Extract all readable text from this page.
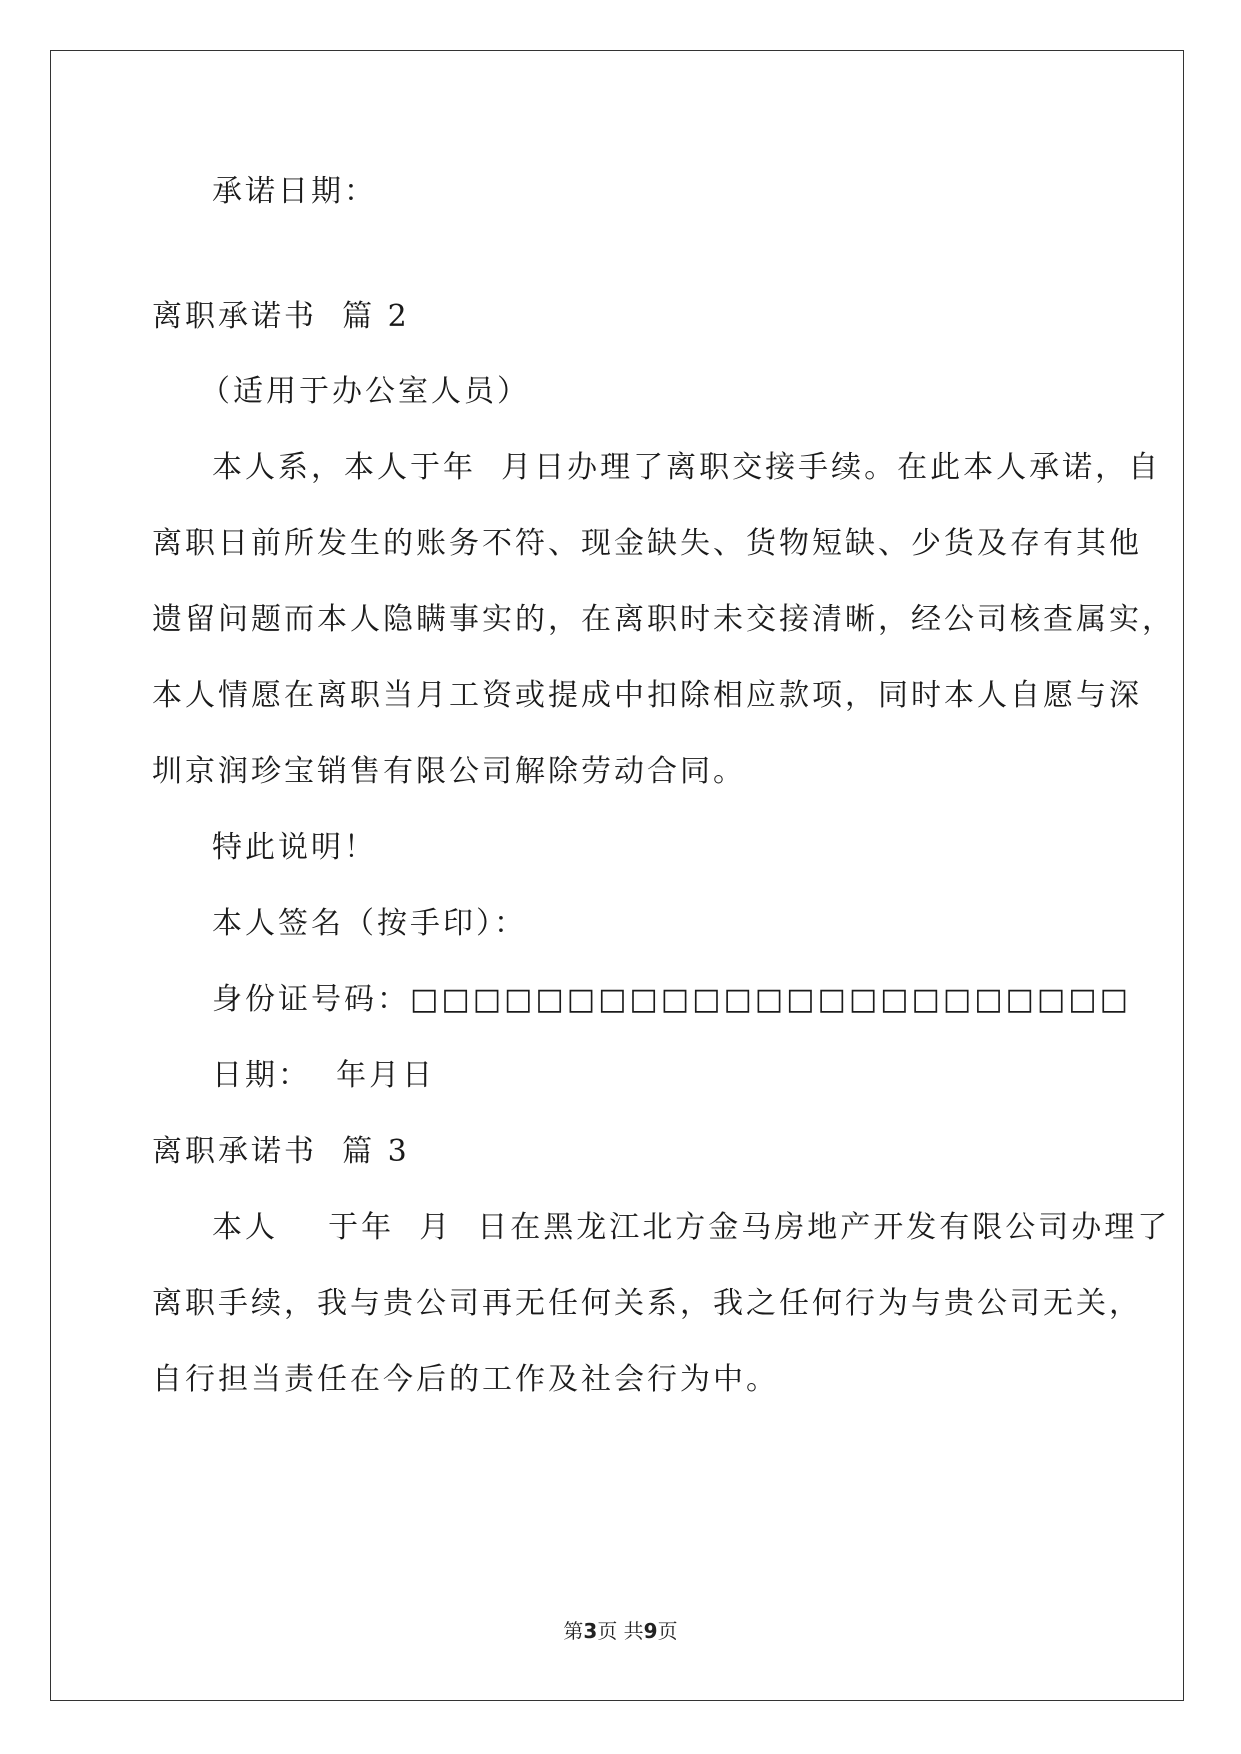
承诺日期：
离职承诺书  篇 2
（适用于办公室人员）
本人系，本人于年  月日办理了离职交接手续。在此本人承诺，自
离职日前所发生的账务不符、现金缺失、货物短缺、少货及存有其他
遗留问题而本人隐瞒事实的，在离职时未交接清晰，经公司核查属实，
本人情愿在离职当月工资或提成中扣除相应款项，同时本人自愿与深
圳京润珍宝销售有限公司解除劳动合同。
特此说明！
本人签名（按手印）：
身份证号码：□□□□□□□□□□□□□□□□□□□□□□□
日期：  年月日
离职承诺书  篇 3
本人    于年  月  日在黑龙江北方金马房地产开发有限公司办理了
离职手续，我与贵公司再无任何关系，我之任何行为与贵公司无关，
自行担当责任在今后的工作及社会行为中。
第3页 共9页
